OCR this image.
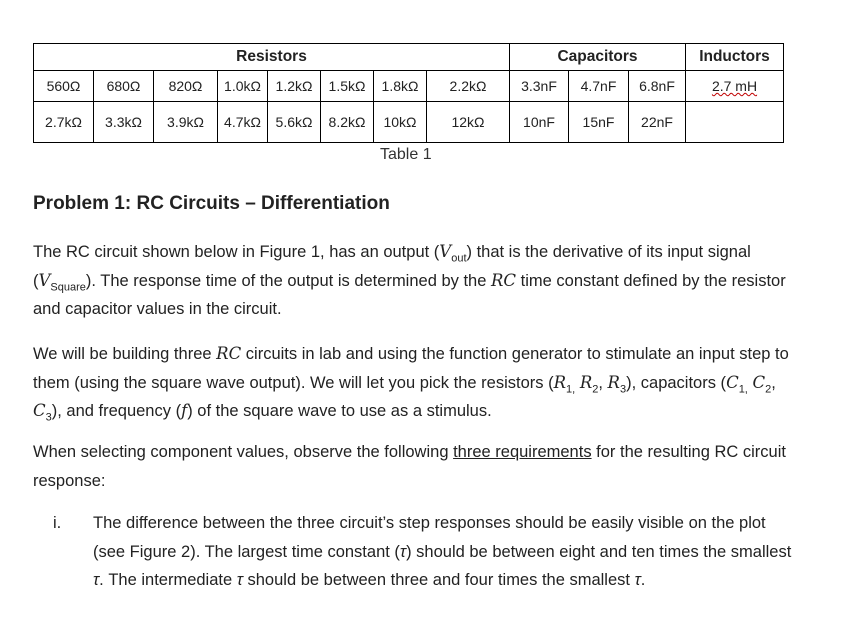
Resistors								Capacitors			Inductors
560Ω	680Ω	820Ω	1.0kΩ	1.2kΩ	1.5kΩ	1.8kΩ	2.2kΩ	3.3nF	4.7nF	6.8nF	2.7 mH
2.7kΩ	3.3kΩ	3.9kΩ	4.7kΩ	5.6kΩ	8.2kΩ	10kΩ	12kΩ	10nF	15nF	22nF	
Table 1
Problem 1: RC Circuits – Differentiation
The RC circuit shown below in Figure 1, has an output $(V_{out})$ that is the derivative of its input signal $(V_{Square})$. The response time of the output is determined by the RC time constant defined by the resistor and capacitor values in the circuit.
We will be building three RC circuits in lab and using the function generator to stimulate an input step to them (using the square wave output). We will let you pick the resistors ($R_{1,}$ $R_2$, $R_3$), capacitors ($C_{1,}$ $C_2$, $C_3$), and frequency (f) of the square wave to use as a stimulus.
When selecting component values, observe the following three requirements for the resulting RC circuit response:
i. The difference between the three circuit’s step responses should be easily visible on the plot (see Figure 2). The largest time constant (τ) should be between eight and ten times the smallest τ. The intermediate τ should be between three and four times the smallest τ.
